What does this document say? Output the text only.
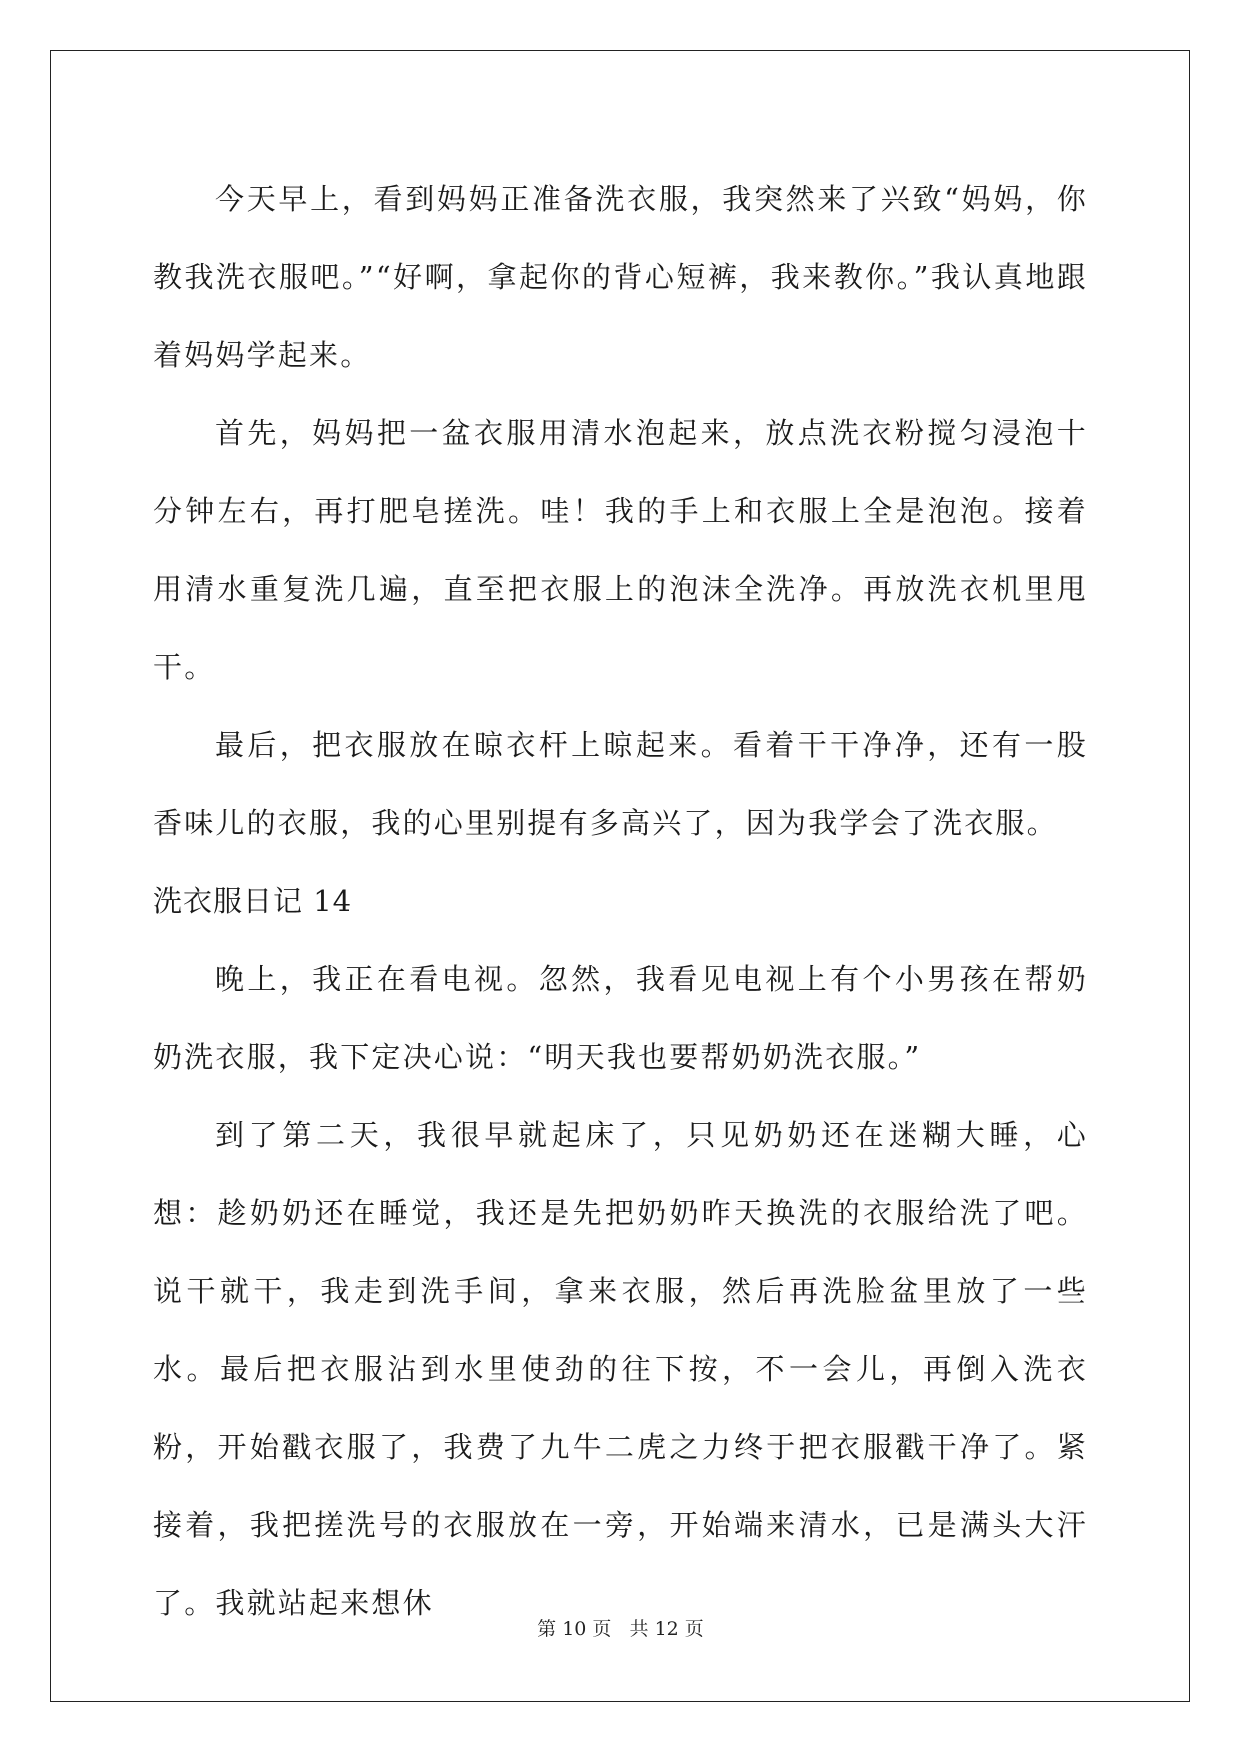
今天早上，看到妈妈正准备洗衣服，我突然来了兴致“妈妈，你教我洗衣服吧。”“好啊，拿起你的背心短裤，我来教你。”我认真地跟着妈妈学起来。

首先，妈妈把一盆衣服用清水泡起来，放点洗衣粉搅匀浸泡十分钟左右，再打肥皂搓洗。哇！我的手上和衣服上全是泡泡。接着用清水重复洗几遍，直至把衣服上的泡沫全洗净。再放洗衣机里甩干。

最后，把衣服放在晾衣杆上晾起来。看着干干净净，还有一股香味儿的衣服，我的心里别提有多高兴了，因为我学会了洗衣服。

洗衣服日记 14

晚上，我正在看电视。忽然，我看见电视上有个小男孩在帮奶奶洗衣服，我下定决心说：“明天我也要帮奶奶洗衣服。”

到了第二天，我很早就起床了，只见奶奶还在迷糊大睡，心想：趁奶奶还在睡觉，我还是先把奶奶昨天换洗的衣服给洗了吧。说干就干，我走到洗手间，拿来衣服，然后再洗脸盆里放了一些水。最后把衣服沾到水里使劲的往下按，不一会儿，再倒入洗衣粉，开始戳衣服了，我费了九牛二虎之力终于把衣服戳干净了。紧接着，我把搓洗号的衣服放在一旁，开始端来清水，已是满头大汗了。我就站起来想休

第 10 页   共 12 页
